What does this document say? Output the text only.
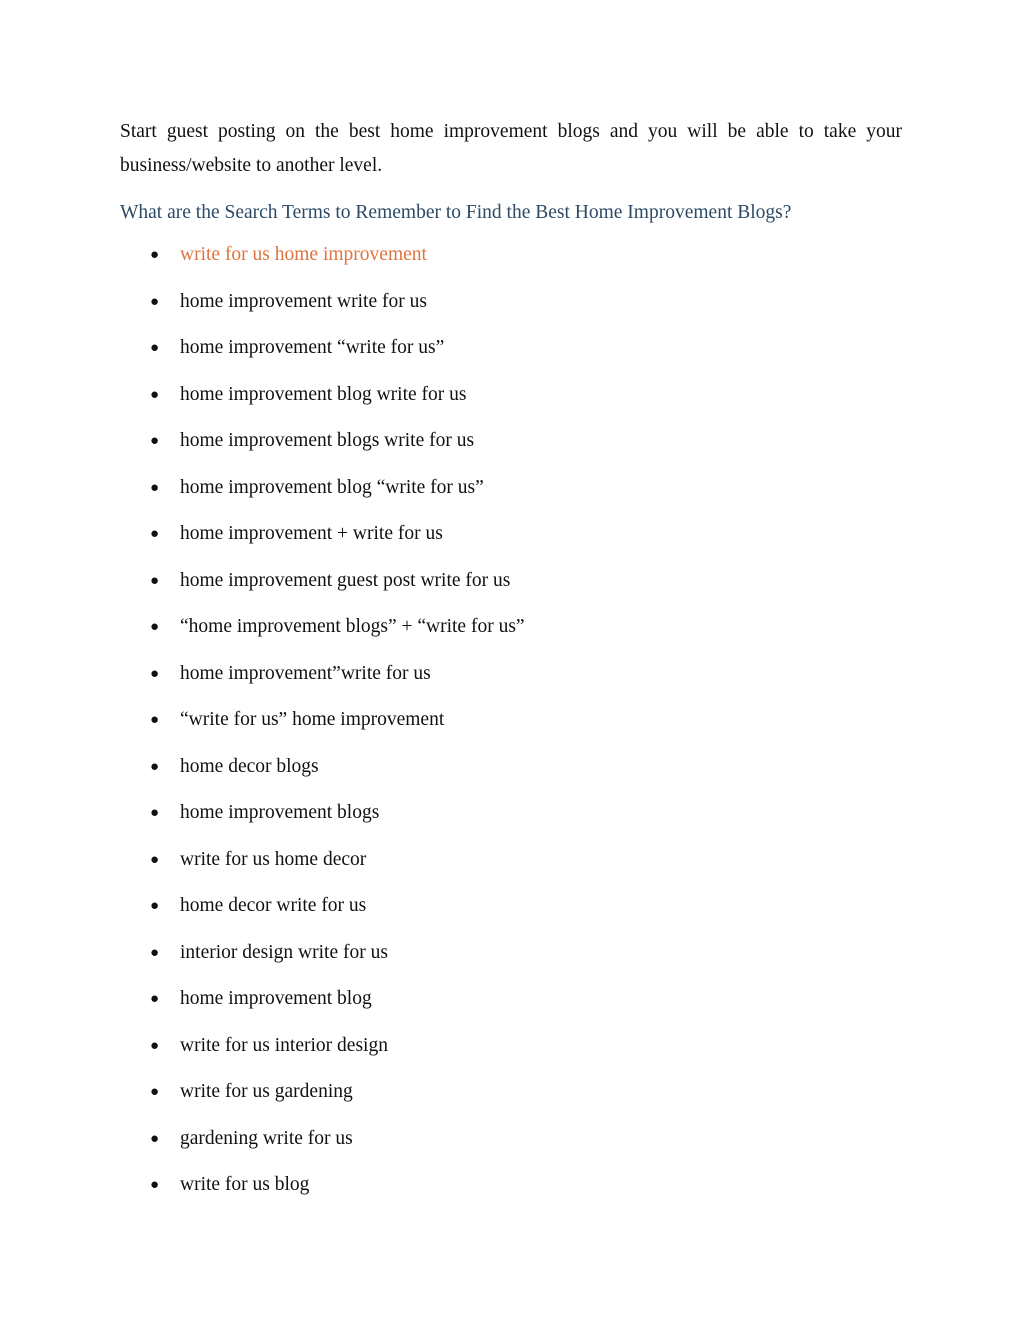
Start guest posting on the best home improvement blogs and you will be able to take your business/website to another level.

What are the Search Terms to Remember to Find the Best Home Improvement Blogs?
●	write for us home improvement
●	home improvement write for us
●	home improvement “write for us”
●	home improvement blog write for us
●	home improvement blogs write for us
●	home improvement blog “write for us”
●	home improvement + write for us
●	home improvement guest post write for us
●	“home improvement blogs” + “write for us”
●	home improvement”write for us
●	“write for us” home improvement
●	home decor blogs
●	home improvement blogs
●	write for us home decor
●	home decor write for us
●	interior design write for us
●	home improvement blog
●	write for us interior design
●	write for us gardening
●	gardening write for us
●	write for us blog
